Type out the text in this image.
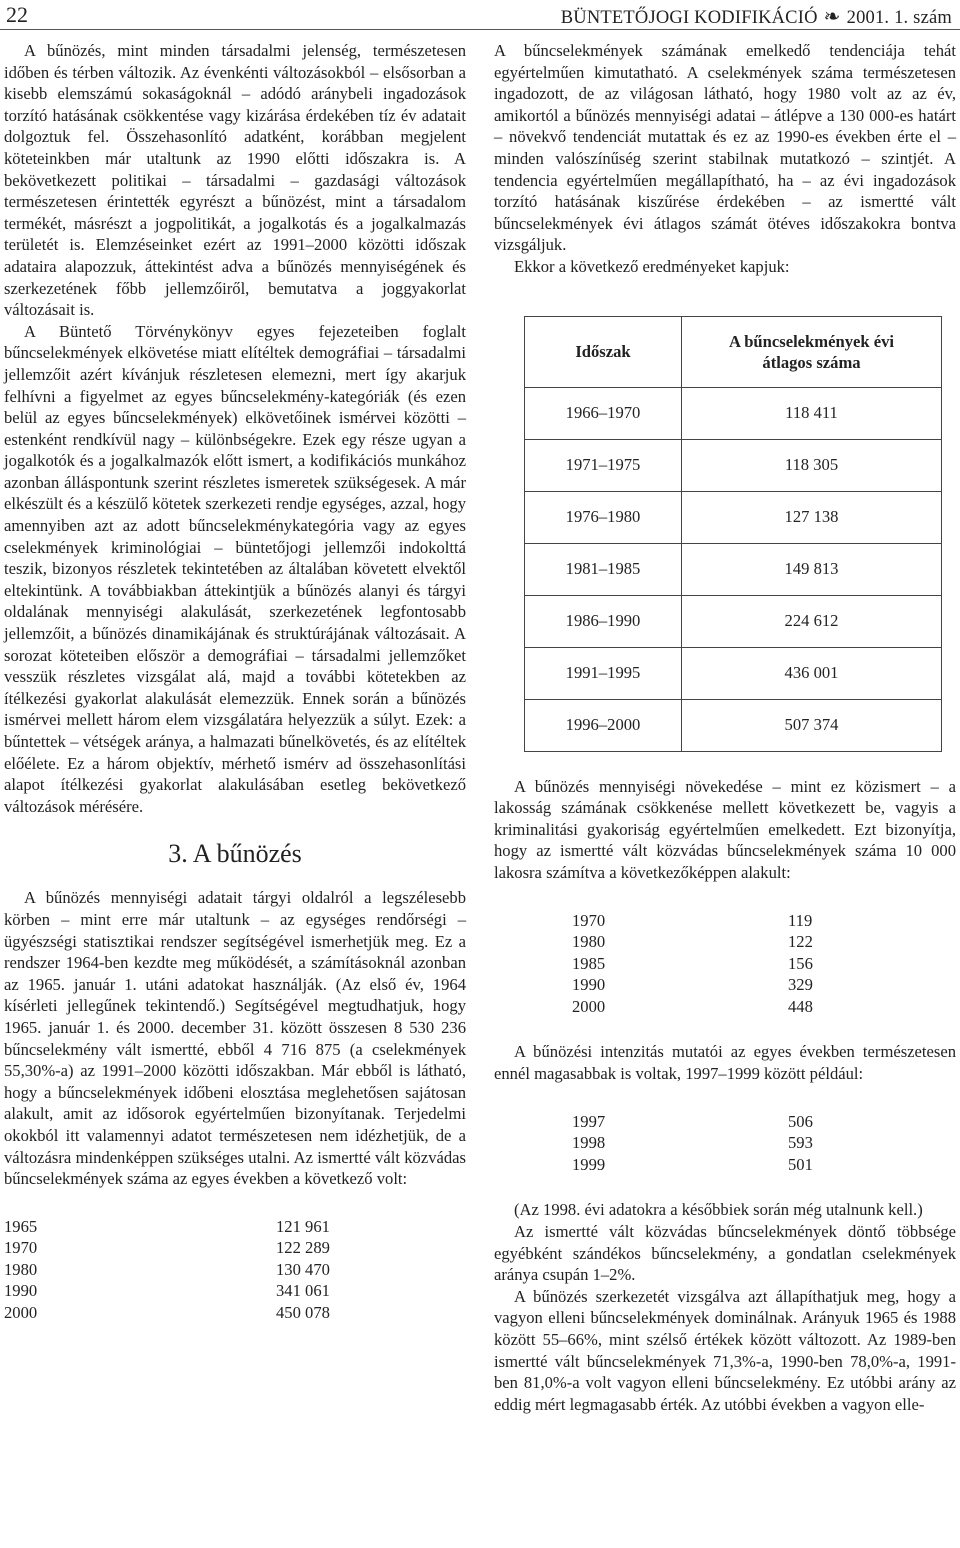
22	BÜNTETŐJOGI KODIFIKÁCIÓ ❧ 2001. 1. szám

A bűnözés, mint minden társadalmi jelenség, természetesen időben és térben változik. Az évenkénti változásokból – elsősorban a kisebb elemszámú sokaságoknál – adódó aránybeli ingadozások torzító hatásának csökkentése vagy kizárása érdekében tíz év adatait dolgoztuk fel. Összehasonlító adatként, korábban megjelent köteteinkben már utaltunk az 1990 előtti időszakra is. A bekövetkezett politikai – társadalmi – gazdasági változások természetesen érintették egyrészt a bűnözést, mint a társadalom termékét, másrészt a jogpolitikát, a jogalkotás és a jogalkalmazás területét is. Elemzéseinket ezért az 1991–2000 közötti időszak adataira alapozzuk, áttekintést adva a bűnözés mennyiségének és szerkezetének főbb jellemzőiről, bemutatva a joggyakorlat változásait is.

A Büntető Törvénykönyv egyes fejezeteiben foglalt bűncselekmények elkövetése miatt elítéltek demográfiai – társadalmi jellemzőit azért kívánjuk részletesen elemezni, mert így akarjuk felhívni a figyelmet az egyes bűncselekmény-kategóriák (és ezen belül az egyes bűncselekmények) elkövetőinek ismérvei közötti – estenként rendkívül nagy – különbségekre. Ezek egy része ugyan a jogalkotók és a jogalkalmazók előtt ismert, a kodifikációs munkához azonban álláspontunk szerint részletes ismeretek szükségesek. A már elkészült és a készülő kötetek szerkezeti rendje egységes, azzal, hogy amennyiben azt az adott bűncselekménykategória vagy az egyes cselekmények kriminológiai – büntetőjogi jellemzői indokolttá teszik, bizonyos részletek tekintetében az általában követett elvektől eltekintünk. A továbbiakban áttekintjük a bűnözés alanyi és tárgyi oldalának mennyiségi alakulását, szerkezetének legfontosabb jellemzőit, a bűnözés dinamikájának és struktúrájának változásait. A sorozat köteteiben először a demográfiai – társadalmi jellemzőket vesszük részletes vizsgálat alá, majd a további kötetekben az ítélkezési gyakorlat alakulását elemezzük. Ennek során a bűnözés ismérvei mellett három elem vizsgálatára helyezzük a súlyt. Ezek: a bűntettek – vétségek aránya, a halmazati bűnelkövetés, és az elítéltek előélete. Ez a három objektív, mérhető ismérv ad összehasonlítási alapot ítélkezési gyakorlat alakulásában esetleg bekövetkező változások mérésére.

3. A bűnözés

A bűnözés mennyiségi adatait tárgyi oldalról a legszélesebb körben – mint erre már utaltunk – az egységes rendőrségi – ügyészségi statisztikai rendszer segítségével ismerhetjük meg. Ez a rendszer 1964-ben kezdte meg működését, a számításoknál azonban az 1965. január 1. utáni adatokat használják. (Az első év, 1964 kísérleti jellegűnek tekintendő.) Segítségével megtudhatjuk, hogy 1965. január 1. és 2000. december 31. között összesen 8 530 236 bűncselekmény vált ismertté, ebből 4 716 875 (a cselekmények 55,30%-a) az 1991–2000 közötti időszakban. Már ebből is látható, hogy a bűncselekmények időbeni elosztása meglehetősen sajátosan alakult, amit az idősorok egyértelműen bizonyítanak. Terjedelmi okokból itt valamennyi adatot természetesen nem idézhetjük, de a változásra mindenképpen szükséges utalni. Az ismertté vált közvádas bűncselekmények száma az egyes években a következő volt:

1965	121 961
1970	122 289
1980	130 470
1990	341 061
2000	450 078

A bűncselekmények számának emelkedő tendenciája tehát egyértelműen kimutatható. A cselekmények száma természetesen ingadozott, de az világosan látható, hogy 1980 volt az az év, amikortól a bűnözés mennyiségi adatai – átlépve a 130 000-es határt – növekvő tendenciát mutattak és ez az 1990-es években érte el – minden valószínűség szerint stabilnak mutatkozó – szintjét. A tendencia egyértelműen megállapítható, ha – az évi ingadozások torzító hatásának kiszűrése érdekében – az ismertté vált bűncselekmények évi átlagos számát ötéves időszakokra bontva vizsgáljuk.

Ekkor a következő eredményeket kapjuk:

Időszak	A bűncselekmények évi
átlagos száma
1966–1970	118 411
1971–1975	118 305
1976–1980	127 138
1981–1985	149 813
1986–1990	224 612
1991–1995	436 001
1996–2000	507 374

A bűnözés mennyiségi növekedése – mint ez közismert – a lakosság számának csökkenése mellett következett be, vagyis a kriminalitási gyakoriság egyértelműen emelkedett. Ezt bizonyítja, hogy az ismertté vált közvádas bűncselekmények száma 10 000 lakosra számítva a következőképpen alakult:

1970	119
1980	122
1985	156
1990	329
2000	448

A bűnözési intenzitás mutatói az egyes években természetesen ennél magasabbak is voltak, 1997–1999 között például:

1997	506
1998	593
1999	501

(Az 1998. évi adatokra a későbbiek során még utalnunk kell.)

Az ismertté vált közvádas bűncselekmények döntő többsége egyébként szándékos bűncselekmény, a gondatlan cselekmények aránya csupán 1–2%.

A bűnözés szerkezetét vizsgálva azt állapíthatjuk meg, hogy a vagyon elleni bűncselekmények dominálnak. Arányuk 1965 és 1988 között 55–66%, mint szélső értékek között változott. Az 1989-ben ismertté vált bűncselekmények 71,3%-a, 1990-ben 78,0%-a, 1991-ben 81,0%-a volt vagyon elleni bűncselekmény. Ez utóbbi arány az eddig mért legmagasabb érték. Az utóbbi években a vagyon elle-
